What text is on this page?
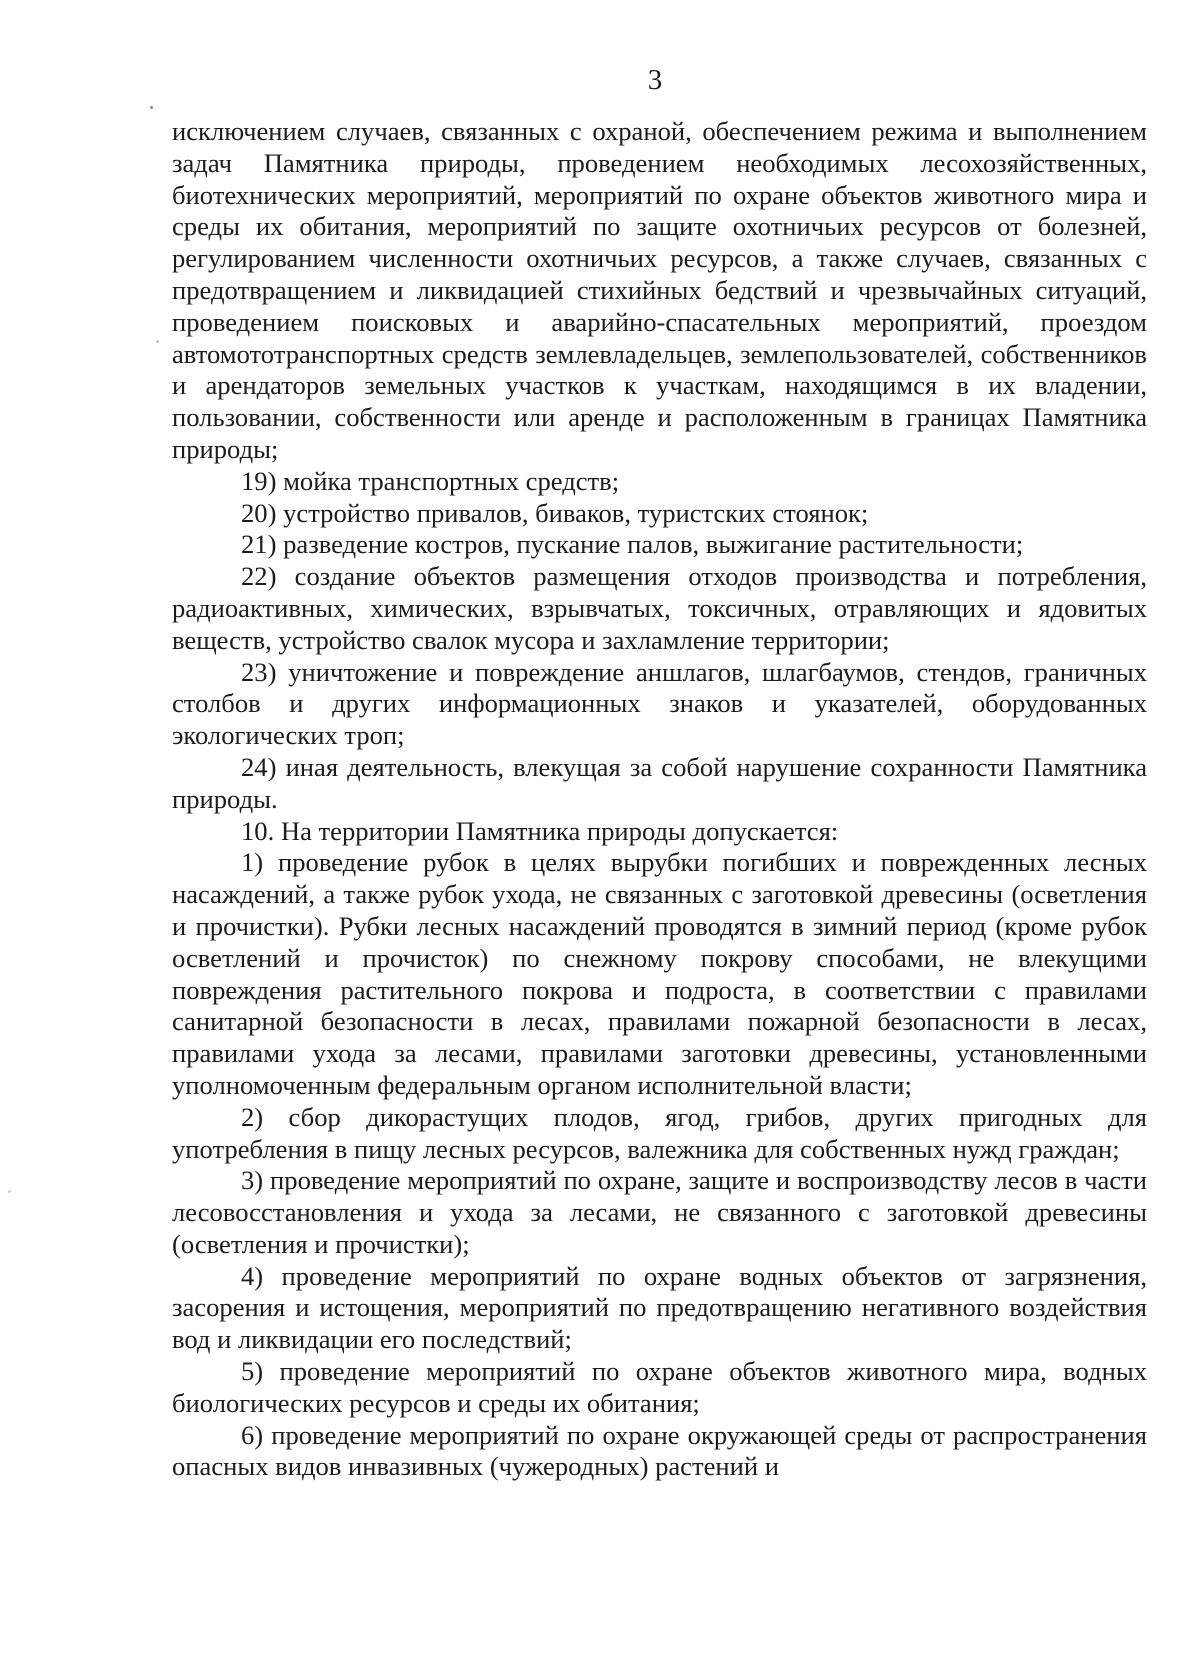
3

исключением случаев, связанных с охраной, обеспечением режима и выполнением задач Памятника природы, проведением необходимых лесохозяйственных, биотехнических мероприятий, мероприятий по охране объектов животного мира и среды их обитания, мероприятий по защите охотничьих ресурсов от болезней, регулированием численности охотничьих ресурсов, а также случаев, связанных с предотвращением и ликвидацией стихийных бедствий и чрезвычайных ситуаций, проведением поисковых и аварийно-спасательных мероприятий, проездом автомототранспортных средств землевладельцев, землепользователей, собственников и арендаторов земельных участков к участкам, находящимся в их владении, пользовании, собственности или аренде и расположенным в границах Памятника природы;

19) мойка транспортных средств;

20) устройство привалов, биваков, туристских стоянок;

21) разведение костров, пускание палов, выжигание растительности;

22) создание объектов размещения отходов производства и потребления, радиоактивных, химических, взрывчатых, токсичных, отравляющих и ядовитых веществ, устройство свалок мусора и захламление территории;

23) уничтожение и повреждение аншлагов, шлагбаумов, стендов, граничных столбов и других информационных знаков и указателей, оборудованных экологических троп;

24) иная деятельность, влекущая за собой нарушение сохранности Памятника природы.

10. На территории Памятника природы допускается:

1) проведение рубок в целях вырубки погибших и поврежденных лесных насаждений, а также рубок ухода, не связанных с заготовкой древесины (осветления и прочистки). Рубки лесных насаждений проводятся в зимний период (кроме рубок осветлений и прочисток) по снежному покрову способами, не влекущими повреждения растительного покрова и подроста, в соответствии с правилами санитарной безопасности в лесах, правилами пожарной безопасности в лесах, правилами ухода за лесами, правилами заготовки древесины, установленными уполномоченным федеральным органом исполнительной власти;

2) сбор дикорастущих плодов, ягод, грибов, других пригодных для употребления в пищу лесных ресурсов, валежника для собственных нужд граждан;

3) проведение мероприятий по охране, защите и воспроизводству лесов в части лесовосстановления и ухода за лесами, не связанного с заготовкой древесины (осветления и прочистки);

4) проведение мероприятий по охране водных объектов от загрязнения, засорения и истощения, мероприятий по предотвращению негативного воздействия вод и ликвидации его последствий;

5) проведение мероприятий по охране объектов животного мира, водных биологических ресурсов и среды их обитания;

6) проведение мероприятий по охране окружающей среды от распространения опасных видов инвазивных (чужеродных) растений и
